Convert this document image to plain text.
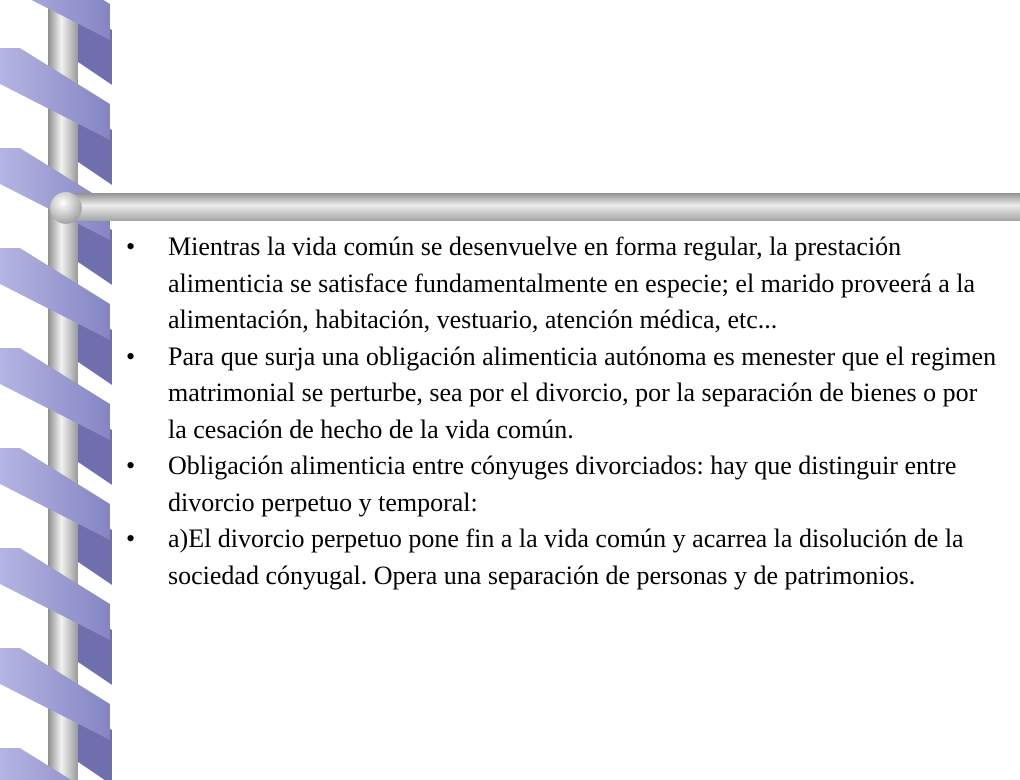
• Mientras la vida común se desenvuelve en forma regular, la prestación alimenticia se satisface fundamentalmente en especie; el marido proveerá a la alimentación, habitación, vestuario, atención médica, etc...
• Para que surja una obligación alimenticia autónoma es menester que el regimen matrimonial se perturbe, sea por el divorcio, por la separación de bienes o por la cesación de hecho de la vida común.
• Obligación alimenticia entre cónyuges divorciados: hay que distinguir entre divorcio perpetuo y temporal:
• a)El divorcio perpetuo pone fin a la vida común y acarrea la disolución de la sociedad cónyugal. Opera una separación de personas y de patrimonios.
